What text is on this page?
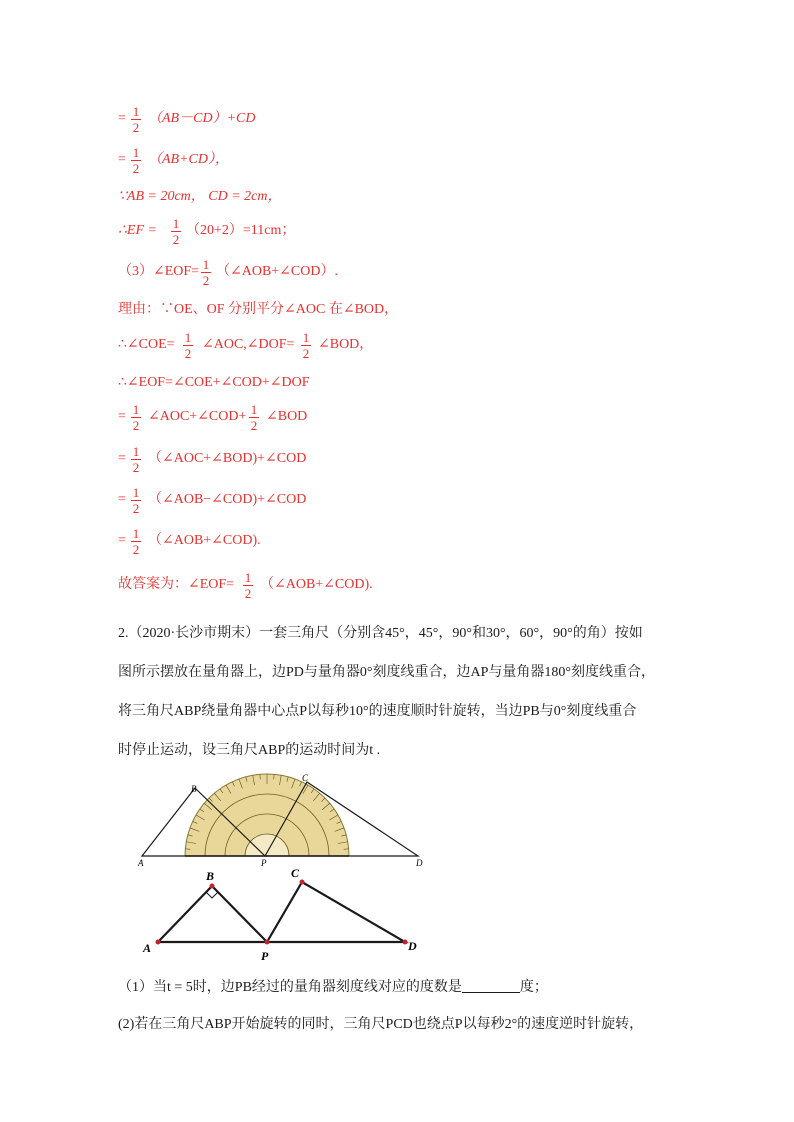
= 1
2
（AB－CD）+CD
= 1
2
（AB+CD），
∵AB = 20cm， CD = 2cm，
∴EF = 1
2
（20+2）=11cm；
（3）∠EOF= 1
2
（∠AOB+∠COD）.
理由：∵OE、OF 分别平分∠AOC 在∠BOD，
∴∠COE= 1
2
∠AOC,∠DOF= 1
2
∠BOD，
∴∠EOF=∠COE+∠COD+∠DOF
= 1
2
∠AOC+∠COD+ 1
2
∠BOD
= 1
2
（∠AOC+∠BOD)+∠COD
= 1
2
（∠AOB−∠COD)+∠COD
= 1
2
（∠AOB+∠COD).
故答案为：∠EOF= 1
2
（∠AOB+∠COD).
2.（2020·长沙市期末）一套三角尺（分别含45°，45°，90°和30°，60°，90°的角）按如
图所示摆放在量角器上，边PD与量角器0°刻度线重合，边AP与量角器180°刻度线重合，
将三角尺ABP绕量角器中心点P以每秒10°的速度顺时针旋转，当边PB与0°刻度线重合
时停止运动，设三角尺ABP的运动时间为t .
A
B
C
P	D
A
B	C
P
D
（1）当t = 5时，边PB经过的量角器刻度线对应的度数是	度；
(2)若在三角尺ABP开始旋转的同时，三角尺PCD也绕点P以每秒2°的速度逆时针旋转，
